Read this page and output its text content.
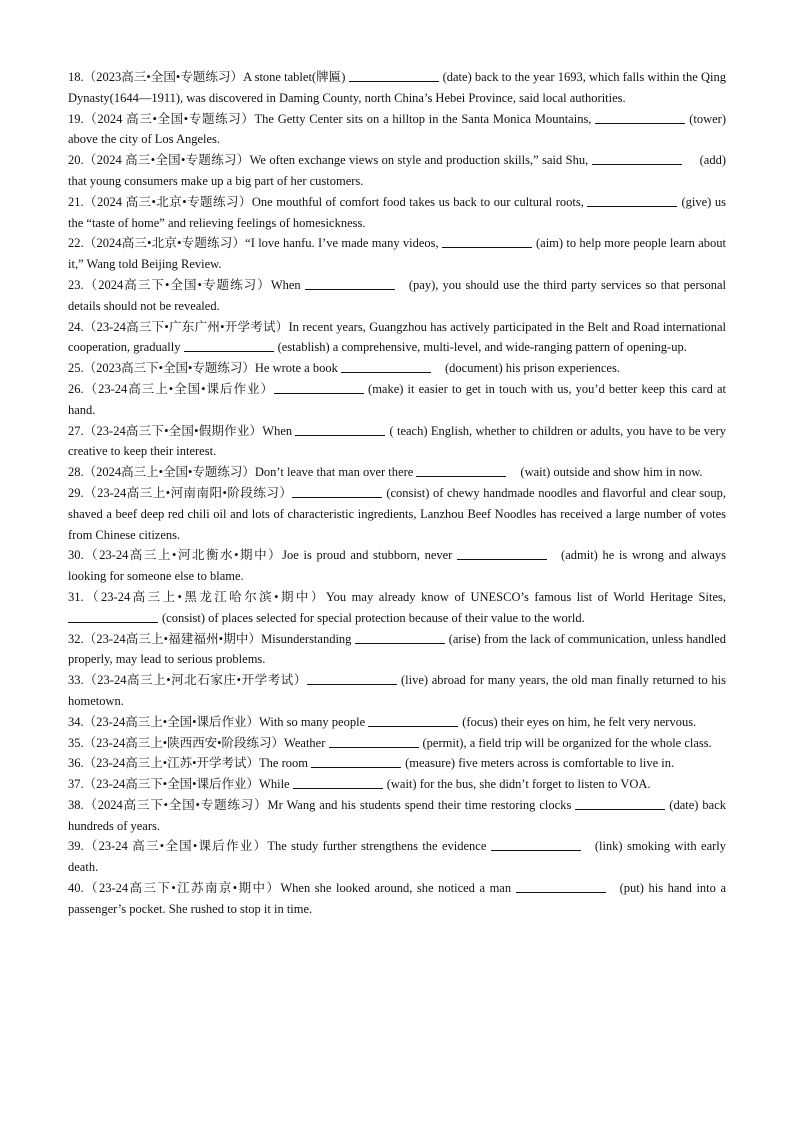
18.（2023高三•全国•专题练习）A stone tablet(牌匾)	(date) back to the year 1693, which falls within the Qing Dynasty(1644—1911), was discovered in Daming County, north China’s Hebei Province, said local authorities.

19.（2024 高三•全国•专题练习）The Getty Center sits on a hilltop in the Santa Monica Mountains,	(tower) above the city of Los Angeles.

20.（2024 高三•全国•专题练习）We often exchange views on style and production skills,” said Shu,	(add) that young consumers make up a big part of her customers.

21.（2024 高三•北京•专题练习）One mouthful of comfort food takes us back to our cultural roots,	(give) us the “taste of home” and relieving feelings of homesickness.

22.（2024高三•北京•专题练习）“I love hanfu. I’ve made many videos,	(aim) to help more people learn about it,” Wang told Beijing Review.

23.（2024高三下•全国•专题练习）When	(pay), you should use the third party services so that personal details should not be revealed.

24.（23-24高三下•广东广州•开学考试）In recent years, Guangzhou has actively participated in the Belt and Road international cooperation, gradually	(establish) a comprehensive, multi-level, and wide-ranging pattern of opening-up.

25.（2023高三下•全国•专题练习）He wrote a book	(document) his prison experiences.

26.（23-24高三上•全国•课后作业）	(make) it easier to get in touch with us, you’d better keep this card at hand.

27.（23-24高三下•全国•假期作业）When	( teach) English, whether to children or adults, you have to be very creative to keep their interest.

28.（2024高三上•全国•专题练习）Don’t leave that man over there	(wait) outside and show him in now.

29.（23-24高三上•河南南阳•阶段练习）	(consist) of chewy handmade noodles and flavorful and clear soup, shaved a beef deep red chili oil and lots of characteristic ingredients, Lanzhou Beef Noodles has received a large number of votes from Chinese citizens.

30.（23-24高三上•河北衡水•期中）Joe is proud and stubborn, never	(admit) he is wrong and always looking for someone else to blame.

31.（23-24高三上•黑龙江哈尔滨•期中）You may already know of UNESCO’s famous list of World Heritage Sites, (consist) of places selected for special protection because of their value to the world.

32.（23-24高三上•福建福州•期中）Misunderstanding	(arise) from the lack of communication, unless handled properly, may lead to serious problems.

33.（23-24高三上•河北石家庄•开学考试）	(live) abroad for many years, the old man finally returned to his hometown.

34.（23-24高三上•全国•课后作业）With so many people	(focus) their eyes on him, he felt very nervous.

35.（23-24高三上•陕西西安•阶段练习）Weather	(permit), a field trip will be organized for the whole class.

36.（23-24高三上•江苏•开学考试）The room	(measure) five meters across is comfortable to live in.

37.（23-24高三下•全国•课后作业）While	(wait) for the bus, she didn’t forget to listen to VOA.

38.（2024高三下•全国•专题练习）Mr Wang and his students spend their time restoring clocks	(date) back hundreds of years.

39.（23-24 高三•全国•课后作业）The study further strengthens the evidence	(link) smoking with early death.

40.（23-24高三下•江苏南京•期中）When she looked around, she noticed a man	(put) his hand into a passenger’s pocket. She rushed to stop it in time.
